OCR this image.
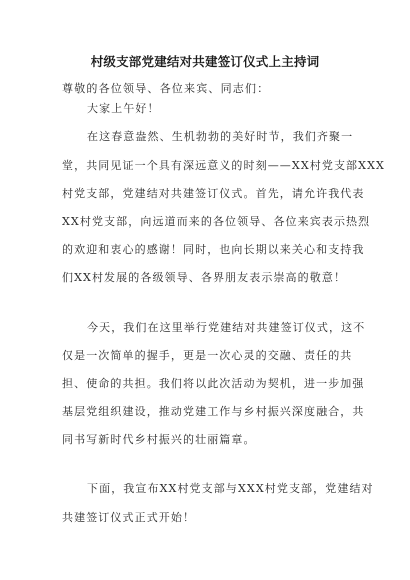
村级支部党建结对共建签订仪式上主持词
尊敬的各位领导、各位来宾、同志们：
大家上午好！
在这春意盎然、生机勃勃的美好时节，我们齐聚一
堂，共同见证一个具有深远意义的时刻——XX村党支部XXX
村党支部，党建结对共建签订仪式。首先，请允许我代表
XX村党支部，向远道而来的各位领导、各位来宾表示热烈
的欢迎和衷心的感谢！同时，也向长期以来关心和支持我
们XX村发展的各级领导、各界朋友表示崇高的敬意！
今天，我们在这里举行党建结对共建签订仪式，这不
仅是一次简单的握手，更是一次心灵的交融、责任的共
担、使命的共担。我们将以此次活动为契机，进一步加强
基层党组织建设，推动党建工作与乡村振兴深度融合，共
同书写新时代乡村振兴的壮丽篇章。
下面，我宣布XX村党支部与XXX村党支部，党建结对
共建签订仪式正式开始！
